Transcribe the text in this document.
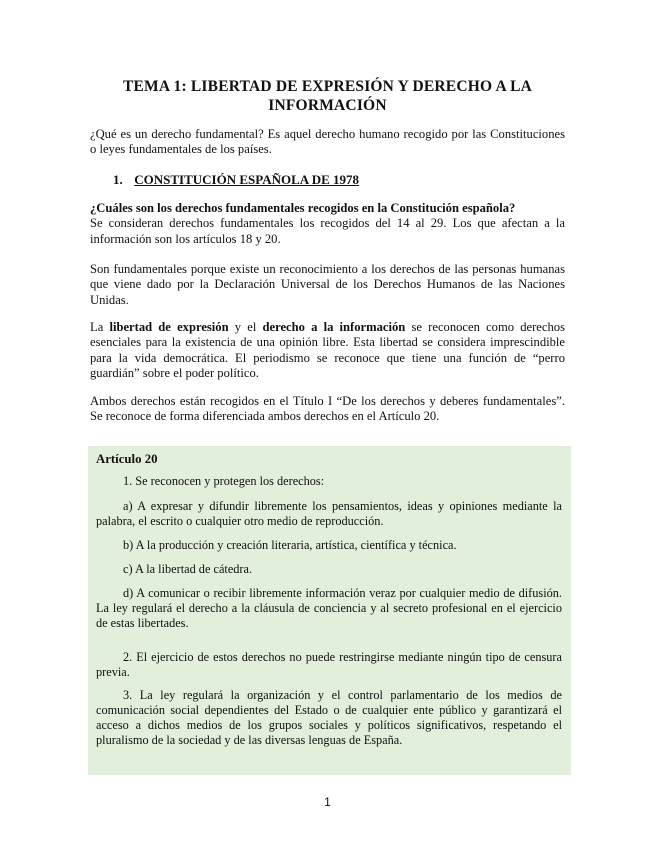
TEMA 1: LIBERTAD DE EXPRESIÓN Y DERECHO A LA
INFORMACIÓN

¿Qué es un derecho fundamental? Es aquel derecho humano recogido por las Constituciones o leyes fundamentales de los países.

1. CONSTITUCIÓN ESPAÑOLA DE 1978

¿Cuáles son los derechos fundamentales recogidos en la Constitución española?
Se consideran derechos fundamentales los recogidos del 14 al 29. Los que afectan a la información son los artículos 18 y 20.

Son fundamentales porque existe un reconocimiento a los derechos de las personas humanas que viene dado por la Declaración Universal de los Derechos Humanos de las Naciones Unidas.

La libertad de expresión y el derecho a la información se reconocen como derechos esenciales para la existencia de una opinión libre. Esta libertad se considera imprescindible para la vida democrática. El periodismo se reconoce que tiene una función de “perro guardián” sobre el poder político.

Ambos derechos están recogidos en el Título I “De los derechos y deberes fundamentales”. Se reconoce de forma diferenciada ambos derechos en el Artículo 20.

Artículo 20

1. Se reconocen y protegen los derechos:

a) A expresar y difundir libremente los pensamientos, ideas y opiniones mediante la palabra, el escrito o cualquier otro medio de reproducción.

b) A la producción y creación literaria, artística, científica y técnica.

c) A la libertad de cátedra.

d) A comunicar o recibir libremente información veraz por cualquier medio de difusión. La ley regulará el derecho a la cláusula de conciencia y al secreto profesional en el ejercicio de estas libertades.

2. El ejercicio de estos derechos no puede restringirse mediante ningún tipo de censura previa.

3. La ley regulará la organización y el control parlamentario de los medios de comunicación social dependientes del Estado o de cualquier ente público y garantizará el acceso a dichos medios de los grupos sociales y políticos significativos, respetando el pluralismo de la sociedad y de las diversas lenguas de España.

1
